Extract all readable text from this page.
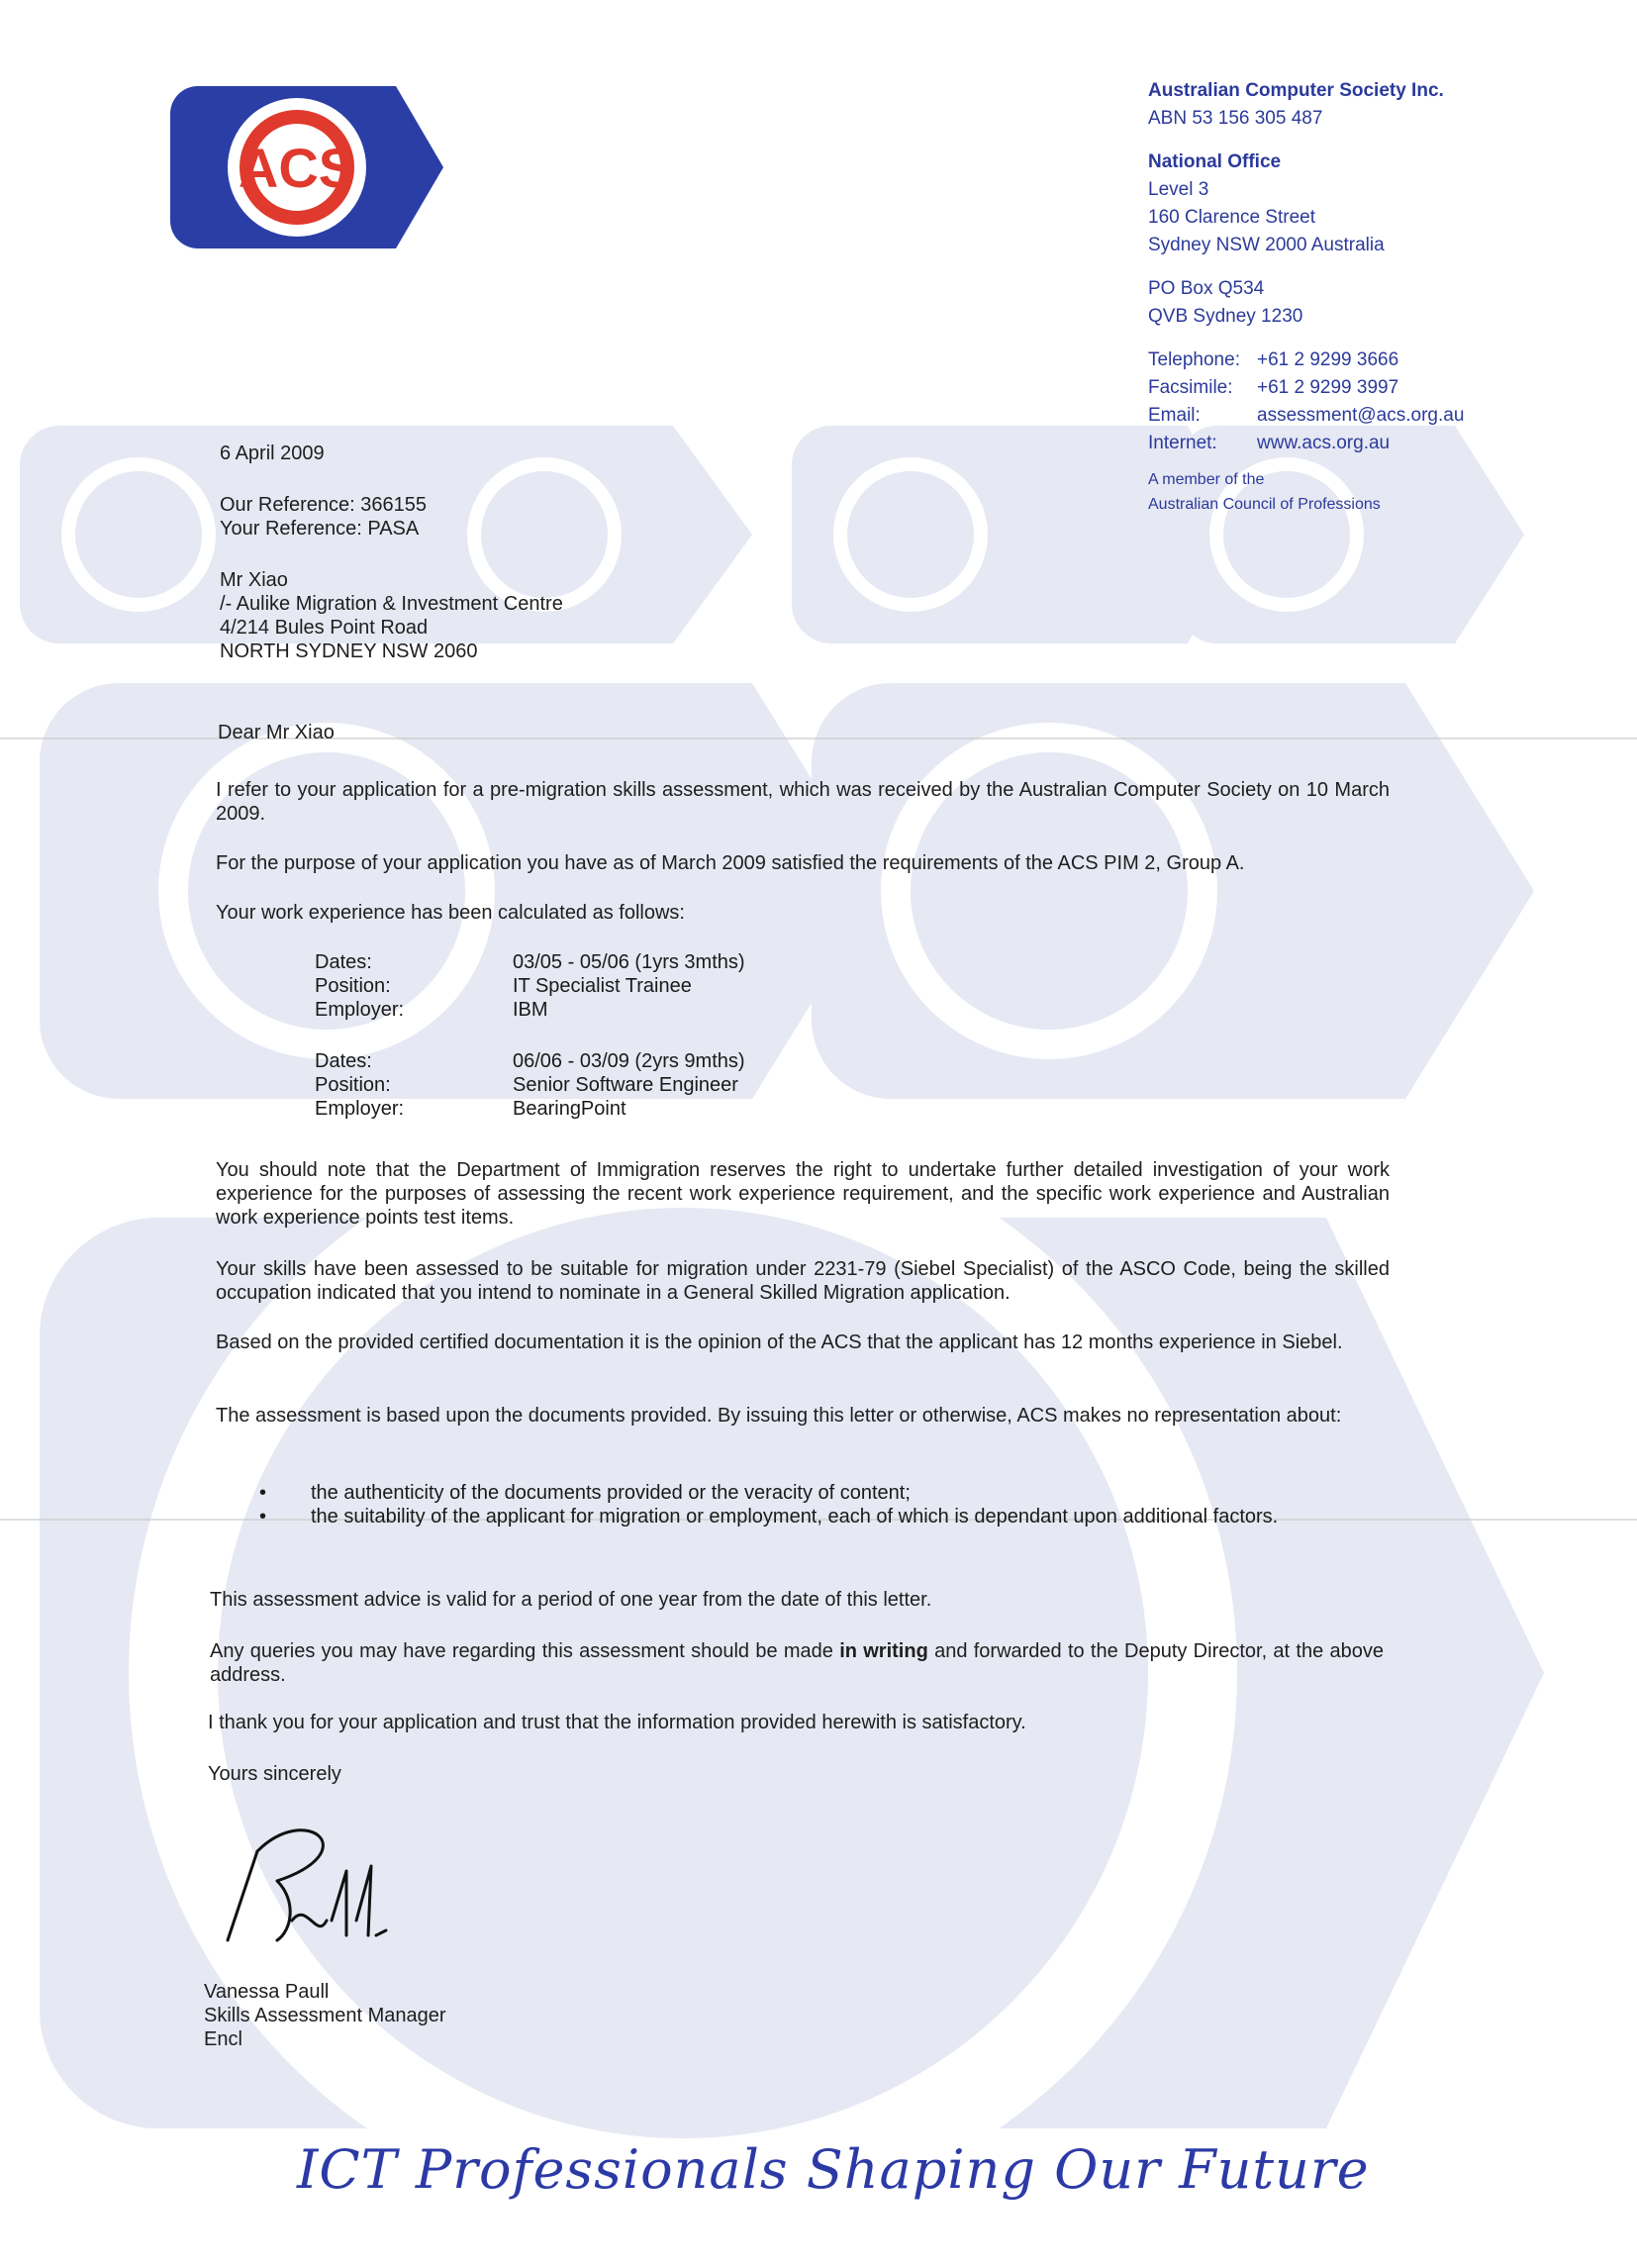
ACS
Australian Computer Society Inc.
ABN 53 156 305 487
National Office
Level 3
160 Clarence Street
Sydney NSW 2000 Australia
PO Box Q534
QVB Sydney 1230
Telephone: +61 2 9299 3666
Facsimile:	+61 2 9299 3997
Email:	assessment@acs.org.au
Internet:	www.acs.org.au
A member of the
Australian Council of Professions
6 April 2009
Our Reference: 366155
Your Reference: PASA
Mr Xiao
/- Aulike Migration & Investment Centre
4/214 Bules Point Road
NORTH SYDNEY NSW 2060
Dear Mr Xiao
I refer to your application for a pre-migration skills assessment, which was received by the Australian Computer Society on 10 March 2009.
For the purpose of your application you have as of March 2009 satisfied the requirements of the ACS PIM 2, Group A.
Your work experience has been calculated as follows:
Dates:	03/05 - 05/06 (1yrs 3mths)
Position:	IT Specialist Trainee
Employer:	IBM
Dates:	06/06 - 03/09 (2yrs 9mths)
Position:	Senior Software Engineer
Employer:	BearingPoint
You should note that the Department of Immigration reserves the right to undertake further detailed investigation of your work experience for the purposes of assessing the recent work experience requirement, and the specific work experience and Australian work experience points test items.
Your skills have been assessed to be suitable for migration under 2231-79 (Siebel Specialist) of the ASCO Code, being the skilled occupation indicated that you intend to nominate in a General Skilled Migration application.
Based on the provided certified documentation it is the opinion of the ACS that the applicant has 12 months experience in Siebel.
The assessment is based upon the documents provided. By issuing this letter or otherwise, ACS makes no representation about:
•	the authenticity of the documents provided or the veracity of content;
•	the suitability of the applicant for migration or employment, each of which is dependant upon additional factors.
This assessment advice is valid for a period of one year from the date of this letter.
Any queries you may have regarding this assessment should be made in writing and forwarded to the Deputy Director, at the above address.
I thank you for your application and trust that the information provided herewith is satisfactory.
Yours sincerely
Vanessa Paull
Skills Assessment Manager
Encl
ICT Professionals Shaping Our Future
